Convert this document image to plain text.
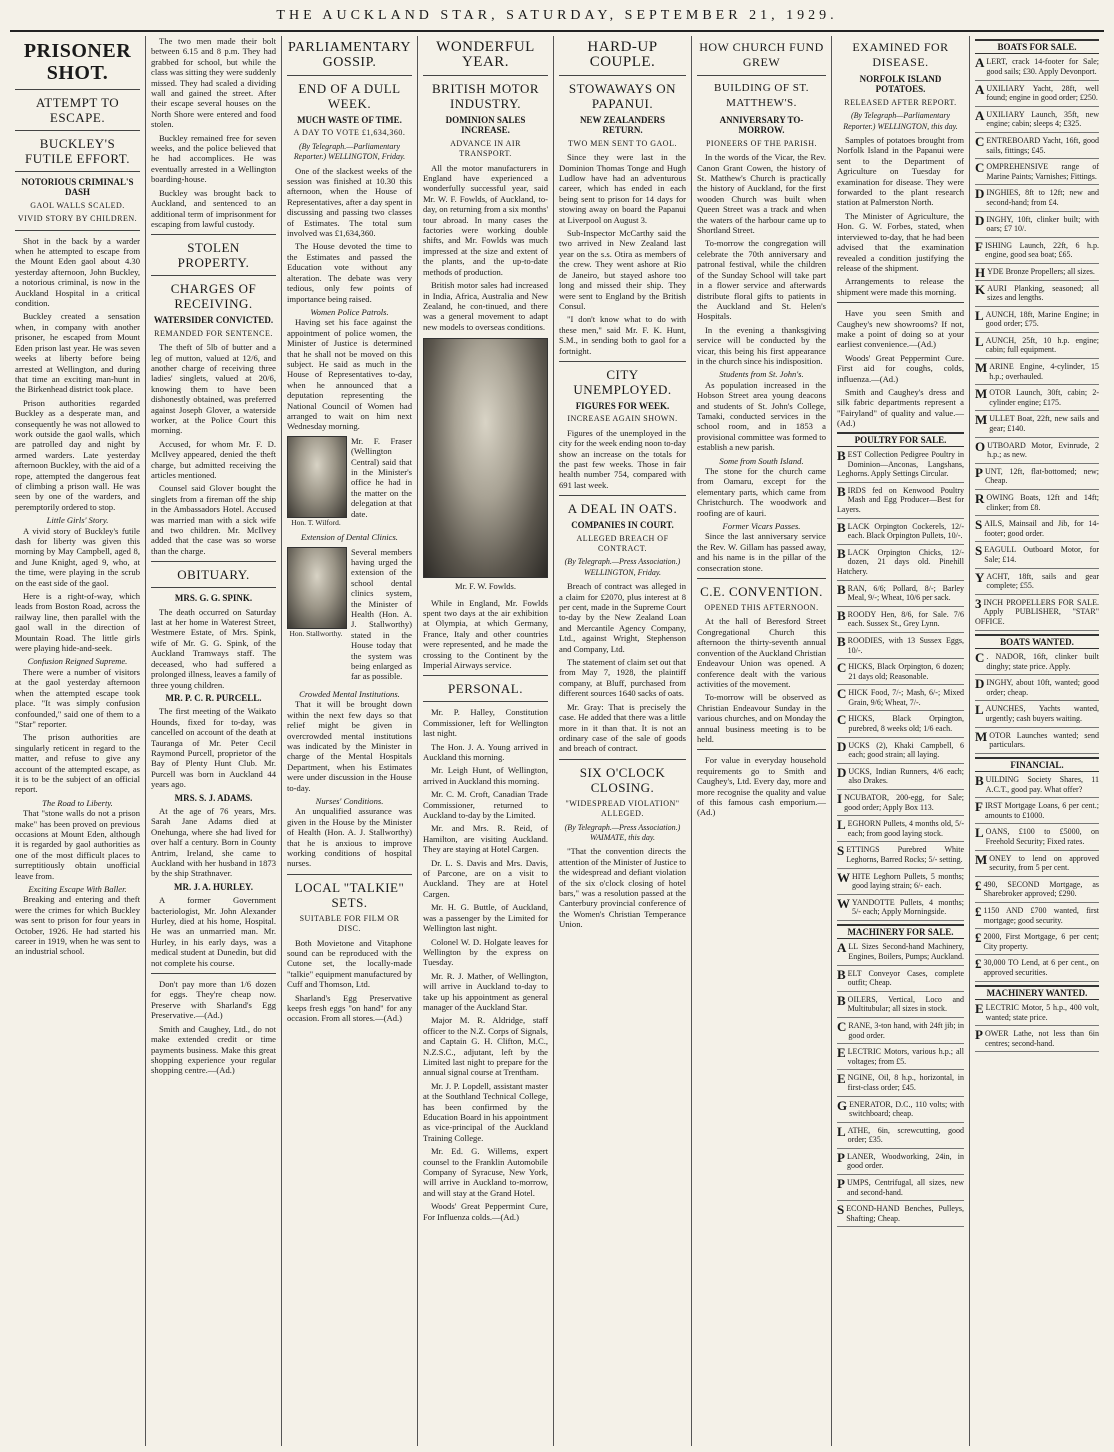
THE AUCKLAND STAR, SATURDAY, SEPTEMBER 21, 1929.
PRISONER SHOT.
ATTEMPT TO ESCAPE.
BUCKLEY'S FUTILE EFFORT.
NOTORIOUS CRIMINAL'S DASH
GAOL WALLS SCALED.
VIVID STORY BY CHILDREN.

Shot in the back by a warder when he attempted to escape from the Mount Eden gaol about 4.30 yesterday afternoon, John Buckley, a notorious criminal, is now in the Auckland Hospital in a critical condition.

Buckley created a sensation when, in company with another prisoner, he escaped from Mount Eden prison last year. He was seven weeks at liberty before being arrested at Wellington, and during that time an exciting man-hunt in the Birkenhead district took place.

Prison authorities regarded Buckley as a desperate man, and consequently he was not allowed to work outside the gaol walls, which are patrolled day and night by armed warders. Late yesterday afternoon Buckley, with the aid of a rope, attempted the dangerous feat of climbing a prison wall. He was seen by one of the warders, and peremptorily ordered to stop.

Little Girls' Story.

A vivid story of Buckley's futile dash for liberty was given this morning by May Campbell, aged 8, and June Knight, aged 9, who, at the time, were playing in the scrub on the east side of the gaol.

Here is a right-of-way, which leads from Boston Road, across the railway line, then parallel with the gaol wall in the direction of Mountain Road. The little girls were playing hide-and-seek.

Confusion Reigned Supreme.

There were a number of visitors at the gaol yesterday afternoon when the attempted escape took place. "It was simply confusion confounded," said one of them to a "Star" reporter.

The prison authorities are singularly reticent in regard to the matter, and refuse to give any account of the attempted escape, as it is to be the subject of an official report.

The Road to Liberty.

That "stone walls do not a prison make" has been proved on previous occasions at Mount Eden, although it is regarded by gaol authorities as one of the most difficult places to surreptitiously obtain unofficial leave from.

Exciting Escape With Baller.

Breaking and entering and theft were the crimes for which Buckley was sent to prison for four years in October, 1926. He had started his career in 1919, when he was sent to an industrial school.

The two men made their bolt between 6.15 and 8 p.m. They had grabbed for school, but while the class was sitting they were suddenly missed. They had scaled a dividing wall and gained the street. After their escape several houses on the North Shore were entered and food stolen.

Buckley remained free for seven weeks, and the police believed that he had accomplices. He was eventually arrested in a Wellington boarding-house.

Buckley was brought back to Auckland, and sentenced to an additional term of imprisonment for escaping from lawful custody.

STOLEN PROPERTY.
CHARGES OF RECEIVING.
WATERSIDER CONVICTED.
REMANDED FOR SENTENCE.

The theft of 5lb of butter and a leg of mutton, valued at 12/6, and another charge of receiving three ladies' singlets, valued at 20/6, knowing them to have been dishonestly obtained, was preferred against Joseph Glover, a waterside worker, at the Police Court this morning.

Accused, for whom Mr. F. D. McIlvey appeared, denied the theft charge, but admitted receiving the articles mentioned.

Counsel said Glover bought the singlets from a fireman off the ship in the Ambassadors Hotel. Accused was married man with a sick wife and two children. Mr. McIlvey added that the case was so worse than the charge.

OBITUARY.
MRS. G. G. SPINK.

The death occurred on Saturday last at her home in Waterest Street, Westmere Estate, of Mrs. Spink, wife of Mr. G. G. Spink, of the Auckland Tramways staff. The deceased, who had suffered a prolonged illness, leaves a family of three young children.

MR. P. C. R. PURCELL.

The first meeting of the Waikato Hounds, fixed for to-day, was cancelled on account of the death at Tauranga of Mr. Peter Cecil Raymond Purcell, proprietor of the Bay of Plenty Hunt Club. Mr. Purcell was born in Auckland 44 years ago.

MRS. S. J. ADAMS.

At the age of 76 years, Mrs. Sarah Jane Adams died at Onehunga, where she had lived for over half a century. Born in County Antrim, Ireland, she came to Auckland with her husband in 1873 by the ship Strathnaver.

MR. J. A. HURLEY.

A former Government bacteriologist, Mr. John Alexander Hurley, died at his home, Hospital. He was an unmarried man. Mr. Hurley, in his early days, was a medical student at Dunedin, but did not complete his course.

Don't pay more than 1/6 dozen for eggs. They're cheap now. Preserve with Sharland's Egg Preservative.—(Ad.)

Smith and Caughey, Ltd., do not make extended credit or time payments business. Make this great shopping experience your regular shopping centre.—(Ad.)

PARLIAMENTARY GOSSIP.
END OF A DULL WEEK.
MUCH WASTE OF TIME.
A DAY TO VOTE £1,634,360.
(By Telegraph.—Parliamentary Reporter.) WELLINGTON, Friday.

One of the slackest weeks of the session was finished at 10.30 this afternoon, when the House of Representatives, after a day spent in discussing and passing two classes of Estimates. The total sum involved was £1,634,360.

The House devoted the time to the Estimates and passed the Education vote without any alteration. The debate was very tedious, only few points of importance being raised.

Women Police Patrols.

Having set his face against the appointment of police women, the Minister of Justice is determined that he shall not be moved on this subject. He said as much in the House of Representatives to-day, when he announced that a deputation representing the National Council of Women had arranged to wait on him next Wednesday morning.

Hon. T. Wilford.

Mr. F. Fraser (Wellington Central) said that in the Minister's office he had in the matter on the delegation at that date.

Extension of Dental Clinics.
Hon. Stallworthy.

Several members having urged the extension of the school dental clinics system, the Minister of Health (Hon. A. J. Stallworthy) stated in the House today that the system was being enlarged as far as possible.

Crowded Mental Institutions.

That it will be brought down within the next few days so that relief might be given in overcrowded mental institutions was indicated by the Minister in charge of the Mental Hospitals Department, when his Estimates were under discussion in the House to-day.

Nurses' Conditions.

An unqualified assurance was given in the House by the Minister of Health (Hon. A. J. Stallworthy) that he is anxious to improve working conditions of hospital nurses.

LOCAL "TALKIE" SETS.
SUITABLE FOR FILM OR DISC.

Both Movietone and Vitaphone sound can be reproduced with the Cutone set, the locally-made "talkie" equipment manufactured by Cuff and Thomson, Ltd.

Sharland's Egg Preservative keeps fresh eggs "on hand" for any occasion. From all stores.—(Ad.)

WONDERFUL YEAR.
BRITISH MOTOR INDUSTRY.
DOMINION SALES INCREASE.
ADVANCE IN AIR TRANSPORT.

All the motor manufacturers in England have experienced a wonderfully successful year, said Mr. W. F. Fowlds, of Auckland, to-day, on returning from a six months' tour abroad. In many cases the factories were working double shifts, and Mr. Fowlds was much impressed at the size and extent of the plants, and the up-to-date methods of production.

British motor sales had increased in India, Africa, Australia and New Zealand, he con-tinued, and there was a general movement to adapt new models to overseas conditions.

Mr. F. W. Fowlds.

While in England, Mr. Fowlds spent two days at the air exhibition at Olympia, at which Germany, France, Italy and other countries were represented, and he made the crossing to the Continent by the Imperial Airways service.

PERSONAL.

Mr. P. Halley, Constitution Commissioner, left for Wellington last night.

The Hon. J. A. Young arrived in Auckland this morning.

Mr. Leigh Hunt, of Wellington, arrived in Auckland this morning.

Mr. C. M. Croft, Canadian Trade Commissioner, returned to Auckland to-day by the Limited.

Mr. and Mrs. R. Reid, of Hamilton, are visiting Auckland. They are staying at Hotel Cargen.

Dr. L. S. Davis and Mrs. Davis, of Parcone, are on a visit to Auckland. They are at Hotel Cargen.

Mr. H. G. Buttle, of Auckland, was a passenger by the Limited for Wellington last night.

Colonel W. D. Holgate leaves for Wellington by the express on Tuesday.

Mr. R. J. Mather, of Wellington, will arrive in Auckland to-day to take up his appointment as general manager of the Auckland Star.

Major M. R. Aldridge, staff officer to the N.Z. Corps of Signals, and Captain G. H. Clifton, M.C., N.Z.S.C., adjutant, left by the Limited last night to prepare for the annual signal course at Trentham.

Mr. J. P. Lopdell, assistant master at the Southland Technical College, has been confirmed by the Education Board in his appointment as vice-principal of the Auckland Training College.

Mr. Ed. G. Willems, expert counsel to the Franklin Automobile Company of Syracuse, New York, will arrive in Auckland to-morrow, and will stay at the Grand Hotel.

Woods' Great Peppermint Cure, For Influenza colds.—(Ad.)

HARD-UP COUPLE.
STOWAWAYS ON PAPANUI.
NEW ZEALANDERS RETURN.
TWO MEN SENT TO GAOL.

Since they were last in the Dominion Thomas Tonge and Hugh Ludlow have had an adventurous career, which has ended in each being sent to prison for 14 days for stowing away on board the Papanui at Liverpool on August 3.

Sub-Inspector McCarthy said the two arrived in New Zealand last year on the s.s. Otira as members of the crew. They went ashore at Rio de Janeiro, but stayed ashore too long and missed their ship. They were sent to England by the British Consul.

"I don't know what to do with these men," said Mr. F. K. Hunt, S.M., in sending both to gaol for a fortnight.

CITY UNEMPLOYED.
FIGURES FOR WEEK.
INCREASE AGAIN SHOWN.

Figures of the unemployed in the city for the week ending noon to-day show an increase on the totals for the past few weeks. Those in fair health number 754, compared with 691 last week.

A DEAL IN OATS.
COMPANIES IN COURT.
ALLEGED BREACH OF CONTRACT.
(By Telegraph.—Press Association.) WELLINGTON, Friday.

Breach of contract was alleged in a claim for £2070, plus interest at 8 per cent, made in the Supreme Court to-day by the New Zealand Loan and Mercantile Agency Company, Ltd., against Wright, Stephenson and Company, Ltd.

The statement of claim set out that from May 7, 1928, the plaintiff company, at Bluff, purchased from different sources 1640 sacks of oats.

Mr. Gray: That is precisely the case. He added that there was a little more in it than that. It is not an ordinary case of the sale of goods and breach of contract.

SIX O'CLOCK CLOSING.
"WIDESPREAD VIOLATION" ALLEGED.
(By Telegraph.—Press Association.) WAIMATE, this day.

"That the convention directs the attention of the Minister of Justice to the widespread and defiant violation of the six o'clock closing of hotel bars," was a resolution passed at the Canterbury provincial conference of the Women's Christian Temperance Union.

HOW CHURCH FUND GREW
BUILDING OF ST. MATTHEW'S.
ANNIVERSARY TO-MORROW.
PIONEERS OF THE PARISH.

In the words of the Vicar, the Rev. Canon Grant Cowen, the history of St. Matthew's Church is practically the history of Auckland, for the first wooden Church was built when Queen Street was a track and when the waters of the harbour came up to Shortland Street.

To-morrow the congregation will celebrate the 70th anniversary and patronal festival, while the children of the Sunday School will take part in a flower service and afterwards distribute floral gifts to patients in the Auckland and St. Helen's Hospitals.

In the evening a thanksgiving service will be conducted by the vicar, this being his first appearance in the church since his indisposition.

Students from St. John's.

As population increased in the Hobson Street area young deacons and students of St. John's College, Tamaki, conducted services in the school room, and in 1853 a provisional committee was formed to establish a new parish.

Some from South Island.

The stone for the church came from Oamaru, except for the elementary parts, which came from Christchurch. The woodwork and roofing are of kauri.

Former Vicars Passes.

Since the last anniversary service the Rev. W. Gillam has passed away, and his name is in the pillar of the consecration stone.

C.E. CONVENTION.
OPENED THIS AFTERNOON.

At the hall of Beresford Street Congregational Church this afternoon the thirty-seventh annual convention of the Auckland Christian Endeavour Union was opened. A conference dealt with the various activities of the movement.

To-morrow will be observed as Christian Endeavour Sunday in the various churches, and on Monday the annual business meeting is to be held.

For value in everyday household requirements go to Smith and Caughey's, Ltd. Every day, more and more recognise the quality and value of this famous cash emporium.—(Ad.)

EXAMINED FOR DISEASE.
NORFOLK ISLAND POTATOES.
RELEASED AFTER REPORT.
(By Telegraph—Parliamentary Reporter.) WELLINGTON, this day.

Samples of potatoes brought from Norfolk Island in the Papanui were sent to the Department of Agriculture on Tuesday for examination for disease. They were forwarded to the plant research station at Palmerston North.

The Minister of Agriculture, the Hon. G. W. Forbes, stated, when interviewed to-day, that he had been advised that the examination revealed a condition justifying the release of the shipment.

Arrangements to release the shipment were made this morning.

Have you seen Smith and Caughey's new showrooms? If not, make a point of doing so at your earliest convenience.—(Ad.)

Woods' Great Peppermint Cure. First aid for coughs, colds, influenza.—(Ad.)

Smith and Caughey's dress and silk fabric departments represent a "Fairyland" of quality and value.—(Ad.)

POULTRY FOR SALE.
BEST Collection Pedigree Poultry in Dominion—Anconas, Langshans, Leghorns. Apply Settings Circular.
BIRDS fed on Kenwood Poultry Mash and Egg Producer—Best for Layers.
BLACK Orpington Cockerels, 12/- each. Black Orpington Pullets, 10/-.
BLACK Orpington Chicks, 12/- dozen, 21 days old. Pinehill Hatchery.
BRAN, 6/6; Pollard, 8/-; Barley Meal, 9/-; Wheat, 10/6 per sack.
BROODY Hen, 8/6, for Sale. 7/6 each. Sussex St., Grey Lynn.
BROODIES, with 13 Sussex Eggs, 10/-.
CHICKS, Black Orpington, 6 dozen; 21 days old; Reasonable.
CHICK Food, 7/-; Mash, 6/-; Mixed Grain, 9/6; Wheat, 7/-.
CHICKS, Black Orpington, purebred, 8 weeks old; 1/6 each.
DUCKS (2), Khaki Campbell, 6 each; good strain; all laying.
DUCKS, Indian Runners, 4/6 each; also Drakes.
INCUBATOR, 200-egg, for Sale; good order; Apply Box 113.
LEGHORN Pullets, 4 months old, 5/- each; from good laying stock.
SETTINGS Purebred White Leghorns, Barred Rocks; 5/- setting.
WHITE Leghorn Pullets, 5 months; good laying strain; 6/- each.
WYANDOTTE Pullets, 4 months; 5/- each; Apply Morningside.
MACHINERY FOR SALE.
ALL Sizes Second-hand Machinery, Engines, Boilers, Pumps; Auckland.
BELT Conveyor Cases, complete outfit; Cheap.
BOILERS, Vertical, Loco and Multitubular; all sizes in stock.
CRANE, 3-ton hand, with 24ft jib; in good order.
ELECTRIC Motors, various h.p.; all voltages; from £5.
ENGINE, Oil, 8 h.p., horizontal, in first-class order; £45.
GENERATOR, D.C., 110 volts; with switchboard; cheap.
LATHE, 6in, screwcutting, good order; £35.
PLANER, Woodworking, 24in, in good order.
PUMPS, Centrifugal, all sizes, new and second-hand.
SECOND-HAND Benches, Pulleys, Shafting; Cheap.
BOATS FOR SALE.
ALERT, crack 14-footer for Sale; good sails; £30. Apply Devonport.
AUXILIARY Yacht, 28ft, well found; engine in good order; £250.
AUXILIARY Launch, 35ft, new engine; cabin; sleeps 4; £325.
CENTREBOARD Yacht, 16ft, good sails, fittings; £45.
COMPREHENSIVE range of Marine Paints; Varnishes; Fittings.
DINGHIES, 8ft to 12ft; new and second-hand; from £4.
DINGHY, 10ft, clinker built; with oars; £7 10/.
FISHING Launch, 22ft, 6 h.p. engine, good sea boat; £65.
HYDE Bronze Propellers; all sizes.
KAURI Planking, seasoned; all sizes and lengths.
LAUNCH, 18ft, Marine Engine; in good order; £75.
LAUNCH, 25ft, 10 h.p. engine; cabin; full equipment.
MARINE Engine, 4-cylinder, 15 h.p.; overhauled.
MOTOR Launch, 30ft, cabin; 2-cylinder engine; £175.
MULLET Boat, 22ft, new sails and gear; £140.
OUTBOARD Motor, Evinrude, 2 h.p.; as new.
PUNT, 12ft, flat-bottomed; new; Cheap.
ROWING Boats, 12ft and 14ft; clinker; from £8.
SAILS, Mainsail and Jib, for 14-footer; good order.
SEAGULL Outboard Motor, for Sale; £14.
YACHT, 18ft, sails and gear complete; £55.
3 INCH PROPELLERS FOR SALE. Apply PUBLISHER, "STAR" OFFICE.
BOATS WANTED.
C . NADOR, 16ft, clinker built dinghy; state price. Apply.
DINGHY, about 10ft, wanted; good order; cheap.
LAUNCHES, Yachts wanted, urgently; cash buyers waiting.
MOTOR Launches wanted; send particulars.
FINANCIAL.
BUILDING Society Shares, 11 A.C.T., good pay. What offer?
FIRST Mortgage Loans, 6 per cent.; amounts to £1000.
LOANS, £100 to £5000, on Freehold Security; Fixed rates.
MONEY to lend on approved security, from 5 per cent.
£ 490, SECOND Mortgage, as Sharebroker approved; £290.
£ 1150 AND £700 wanted, first mortgage; good security.
£ 2000, First Mortgage, 6 per cent; City property.
£ 30,000 TO Lend, at 6 per cent., on approved securities.
MACHINERY WANTED.
ELECTRIC Motor, 5 h.p., 400 volt, wanted; state price.
POWER Lathe, not less than 6in centres; second-hand.
